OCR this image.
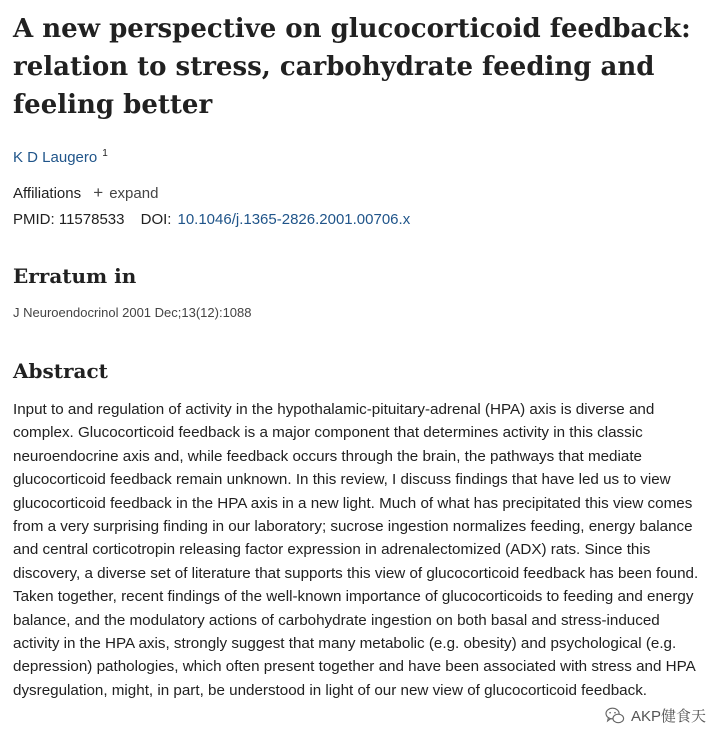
A new perspective on glucocorticoid feedback: relation to stress, carbohydrate feeding and feeling better
K D Laugero $^1$
Affiliations + expand
PMID: 11578533 DOI: 10.1046/j.1365-2826.2001.00706.x
Erratum in
J Neuroendocrinol 2001 Dec;13(12):1088
Abstract
Input to and regulation of activity in the hypothalamic-pituitary-adrenal (HPA) axis is diverse and complex. Glucocorticoid feedback is a major component that determines activity in this classic neuroendocrine axis and, while feedback occurs through the brain, the pathways that mediate glucocorticoid feedback remain unknown. In this review, I discuss findings that have led us to view glucocorticoid feedback in the HPA axis in a new light. Much of what has precipitated this view comes from a very surprising finding in our laboratory; sucrose ingestion normalizes feeding, energy balance and central corticotropin releasing factor expression in adrenalectomized (ADX) rats. Since this discovery, a diverse set of literature that supports this view of glucocorticoid feedback has been found. Taken together, recent findings of the well-known importance of glucocorticoids to feeding and energy balance, and the modulatory actions of carbohydrate ingestion on both basal and stress-induced activity in the HPA axis, strongly suggest that many metabolic (e.g. obesity) and psychological (e.g. depression) pathologies, which often present together and have been associated with stress and HPA dysregulation, might, in part, be understood in light of our new view of glucocorticoid feedback.
AKP健食天
